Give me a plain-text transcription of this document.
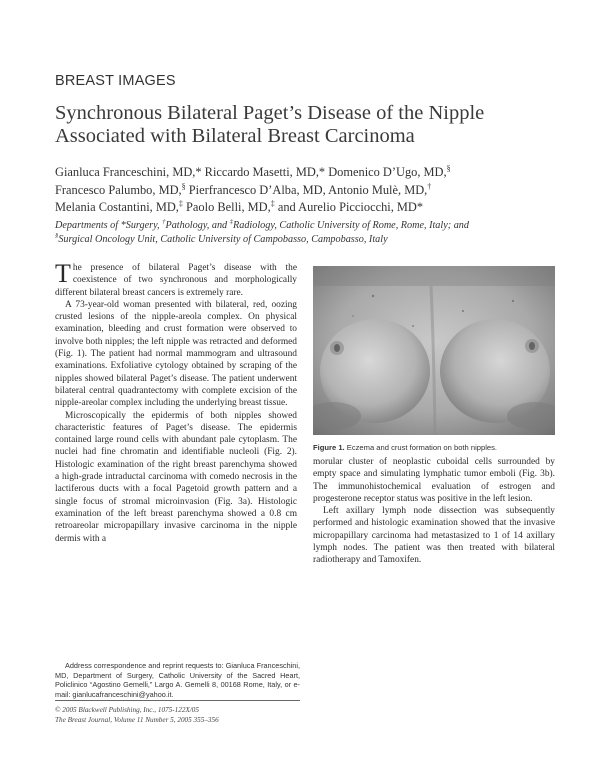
BREAST IMAGES
Synchronous Bilateral Paget’s Disease of the Nipple
Associated with Bilateral Breast Carcinoma
Gianluca Franceschini, MD,* Riccardo Masetti, MD,* Domenico D’Ugo, MD,§
Francesco Palumbo, MD,§ Pierfrancesco D’Alba, MD, Antonio Mulè, MD,†
Melania Costantini, MD,‡ Paolo Belli, MD,‡ and Aurelio Picciocchi, MD*
Departments of *Surgery, †Pathology, and ‡Radiology, Catholic University of Rome, Rome, Italy; and
§Surgical Oncology Unit, Catholic University of Campobasso, Campobasso, Italy

The presence of bilateral Paget’s disease with the coexistence of two synchronous and morphologically different bilateral breast cancers is extremely rare.

A 73-year-old woman presented with bilateral, red, oozing crusted lesions of the nipple-areola complex. On physical examination, bleeding and crust formation were observed to involve both nipples; the left nipple was retracted and deformed (Fig. 1). The patient had normal mammogram and ultrasound examinations. Exfoliative cytology obtained by scraping of the nipples showed bilateral Paget’s disease. The patient underwent bilateral central quadrantectomy with complete excision of the nipple-areolar complex including the underlying breast tissue.

Microscopically the epidermis of both nipples showed characteristic features of Paget’s disease. The epidermis contained large round cells with abundant pale cytoplasm. The nuclei had fine chromatin and identifiable nucleoli (Fig. 2). Histologic examination of the right breast parenchyma showed a high-grade intraductal carcinoma with comedo necrosis in the lactiferous ducts with a focal Pagetoid growth pattern and a single focus of stromal microinvasion (Fig. 3a). Histologic examination of the left breast parenchyma showed a 0.8 cm retroareolar micropapillary invasive carcinoma in the nipple dermis with a

Figure 1. Eczema and crust formation on both nipples.

morular cluster of neoplastic cuboidal cells surrounded by empty space and simulating lymphatic tumor emboli (Fig. 3b). The immunohistochemical evaluation of estrogen and progesterone receptor status was positive in the left lesion.

Left axillary lymph node dissection was subsequently performed and histologic examination showed that the invasive micropapillary carcinoma had metastasized to 1 of 14 axillary lymph nodes. The patient was then treated with bilateral radiotherapy and Tamoxifen.

Address correspondence and reprint requests to: Gianluca Franceschini, MD, Department of Surgery, Catholic University of the Sacred Heart, Policlinico “Agostino Gemelli,” Largo A. Gemelli 8, 00168 Rome, Italy, or e-mail: gianlucafranceschini@yahoo.it.
© 2005 Blackwell Publishing, Inc., 1075-122X/05
The Breast Journal, Volume 11 Number 5, 2005 355–356
